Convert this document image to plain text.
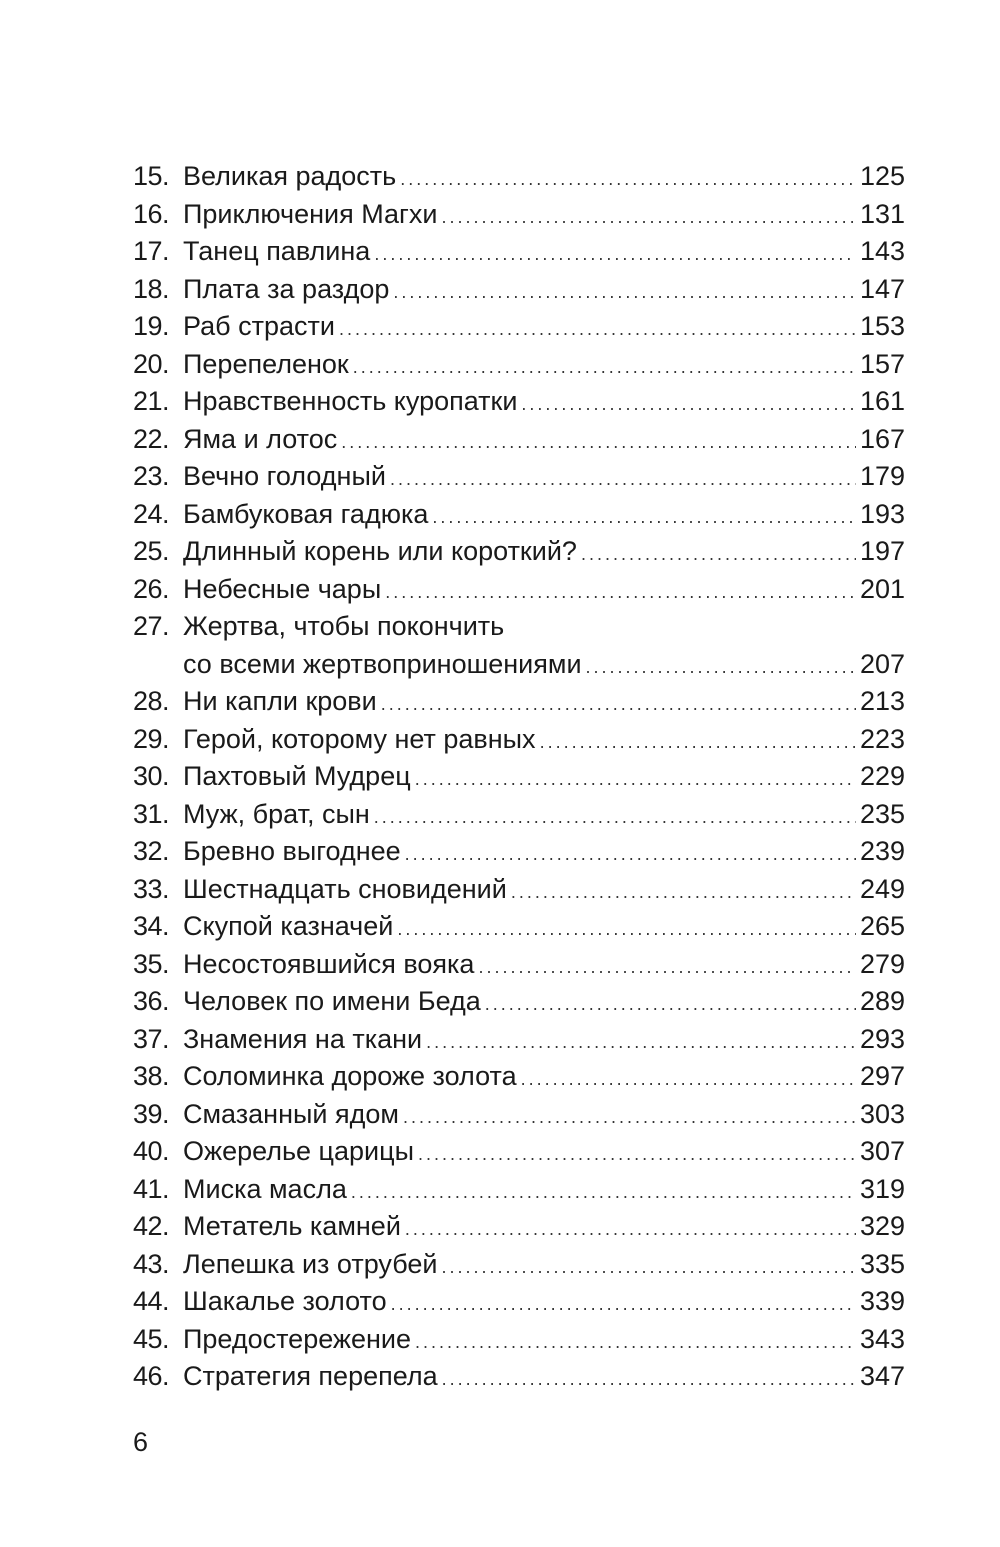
15. Великая радость . . .	125
16. Приключения Магхи . . .	131
17. Танец павлина . . .	143
18. Плата за раздор . . .	147
19. Раб страсти . . .	153
20. Перепеленок . . .	157
21. Нравственность куропатки . . .	161
22. Яма и лотос . . .	167
23. Вечно голодный . . .	179
24. Бамбуковая гадюка . . .	193
25. Длинный корень или короткий? . . .	197
26. Небесные чары . . .	201
27. Жертва, чтобы покончить
со всеми жертвоприношениями . . .	207
28. Ни капли крови . . .	213
29. Герой, которому нет равных . . .	223
30. Пахтовый Мудрец . . .	229
31. Муж, брат, сын . . .	235
32. Бревно выгоднее . . .	239
33. Шестнадцать сновидений . . .	249
34. Скупой казначей . . .	265
35. Несостоявшийся вояка . . .	279
36. Человек по имени Беда . . .	289
37. Знамения на ткани . . .	293
38. Соломинка дороже золота . . .	297
39. Смазанный ядом . . .	303
40. Ожерелье царицы . . .	307
41. Миска масла . . .	319
42. Метатель камней . . .	329
43. Лепешка из отрубей . . .	335
44. Шакалье золото . . .	339
45. Предостережение . . .	343
46. Стратегия перепела . . .	347
6
